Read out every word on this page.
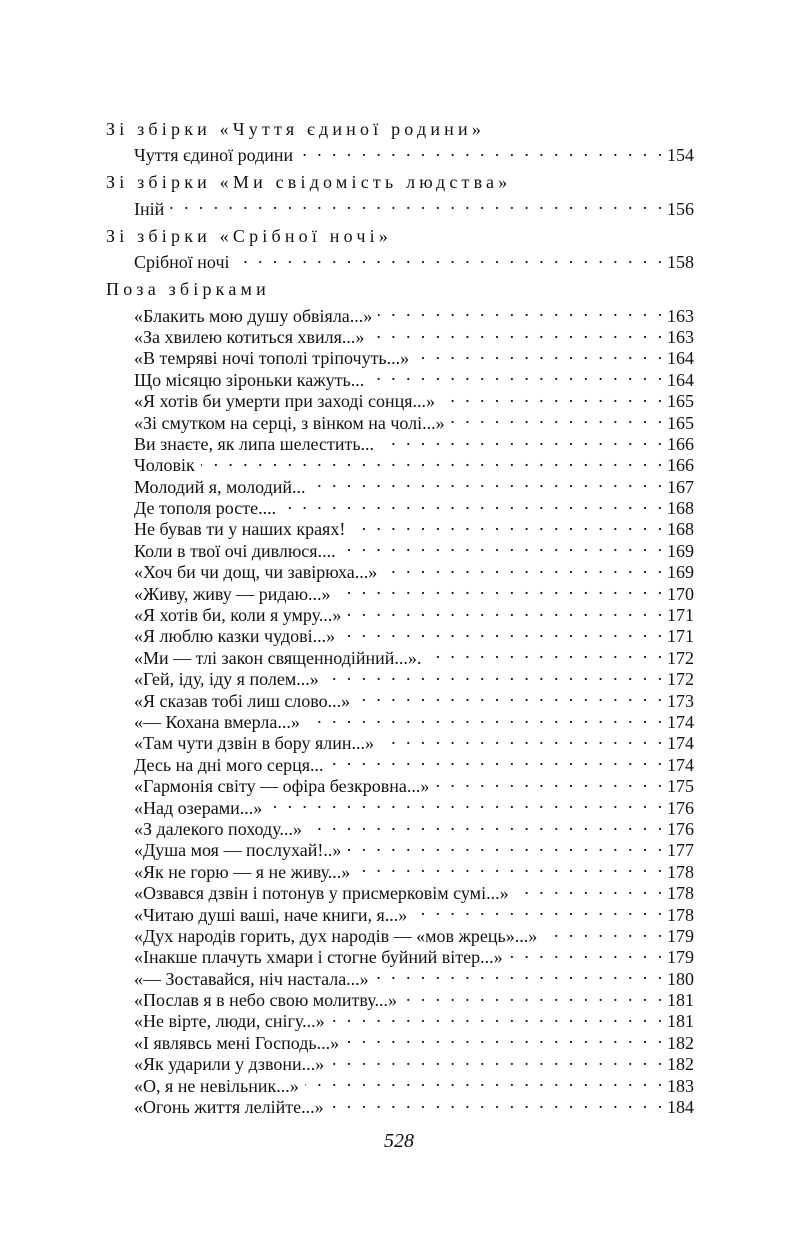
Зі збірки «Чуття єдиної родини»
Чуття єдиної родини . . .	154
Зі збірки «Ми свідомість людства»
Іній . . .	156
Зі збірки «Срібної ночі»
Срібної ночі . . .	158
Поза збірками
«Блакить мою душу обвіяла...» . . .	163
«За хвилею котиться хвиля...» . . .	163
«В темряві ночі тополі тріпочуть...» . . .	164
Що місяцю зіроньки кажуть... . . .	164
«Я хотів би умерти при заході сонця...» . . .	165
«Зі смутком на серці, з вінком на чолі...» . . .	165
Ви знаєте, як липа шелестить... . . .	166
Чоловік . . .	166
Молодий я, молодий... . . .	167
Де тополя росте.... . . .	168
Не бував ти у наших краях! . . .	168
Коли в твої очі дивлюся.... . . .	169
«Хоч би чи дощ, чи завірюха...» . . .	169
«Живу, живу — ридаю...» . . .	170
«Я хотів би, коли я умру...» . . .	171
«Я люблю казки чудові...» . . .	171
«Ми — тлі закон священнодійний...». . . .	172
«Гей, іду, іду я полем...» . . .	172
«Я сказав тобі лиш слово...» . . .	173
«— Кохана вмерла...» . . .	174
«Там чути дзвін в бору ялин...» . . .	174
Десь на дні мого серця... . . .	174
«Гармонія світу — офіра безкровна...» . . .	175
«Над озерами...» . . .	176
«З далекого походу...» . . .	176
«Душа моя — послухай!..» . . .	177
«Як не горю — я не живу...» . . .	178
«Озвався дзвін і потонув у присмерковім сумі...» . . .	178
«Читаю душі ваші, наче книги, я...» . . .	178
«Дух народів горить, дух народів — «мов жрець»...» . . .	179
«Інакше плачуть хмари і стогне буйний вітер...» . . .	179
«— Зоставайся, ніч настала...» . . .	180
«Послав я в небо свою молитву...» . . .	181
«Не вірте, люди, снігу...» . . .	181
«І являвсь мені Господь...» . . .	182
«Як ударили у дзвони...» . . .	182
«О, я не невільник...» . . .	183
«Огонь життя лелійте...» . . .	184
528
